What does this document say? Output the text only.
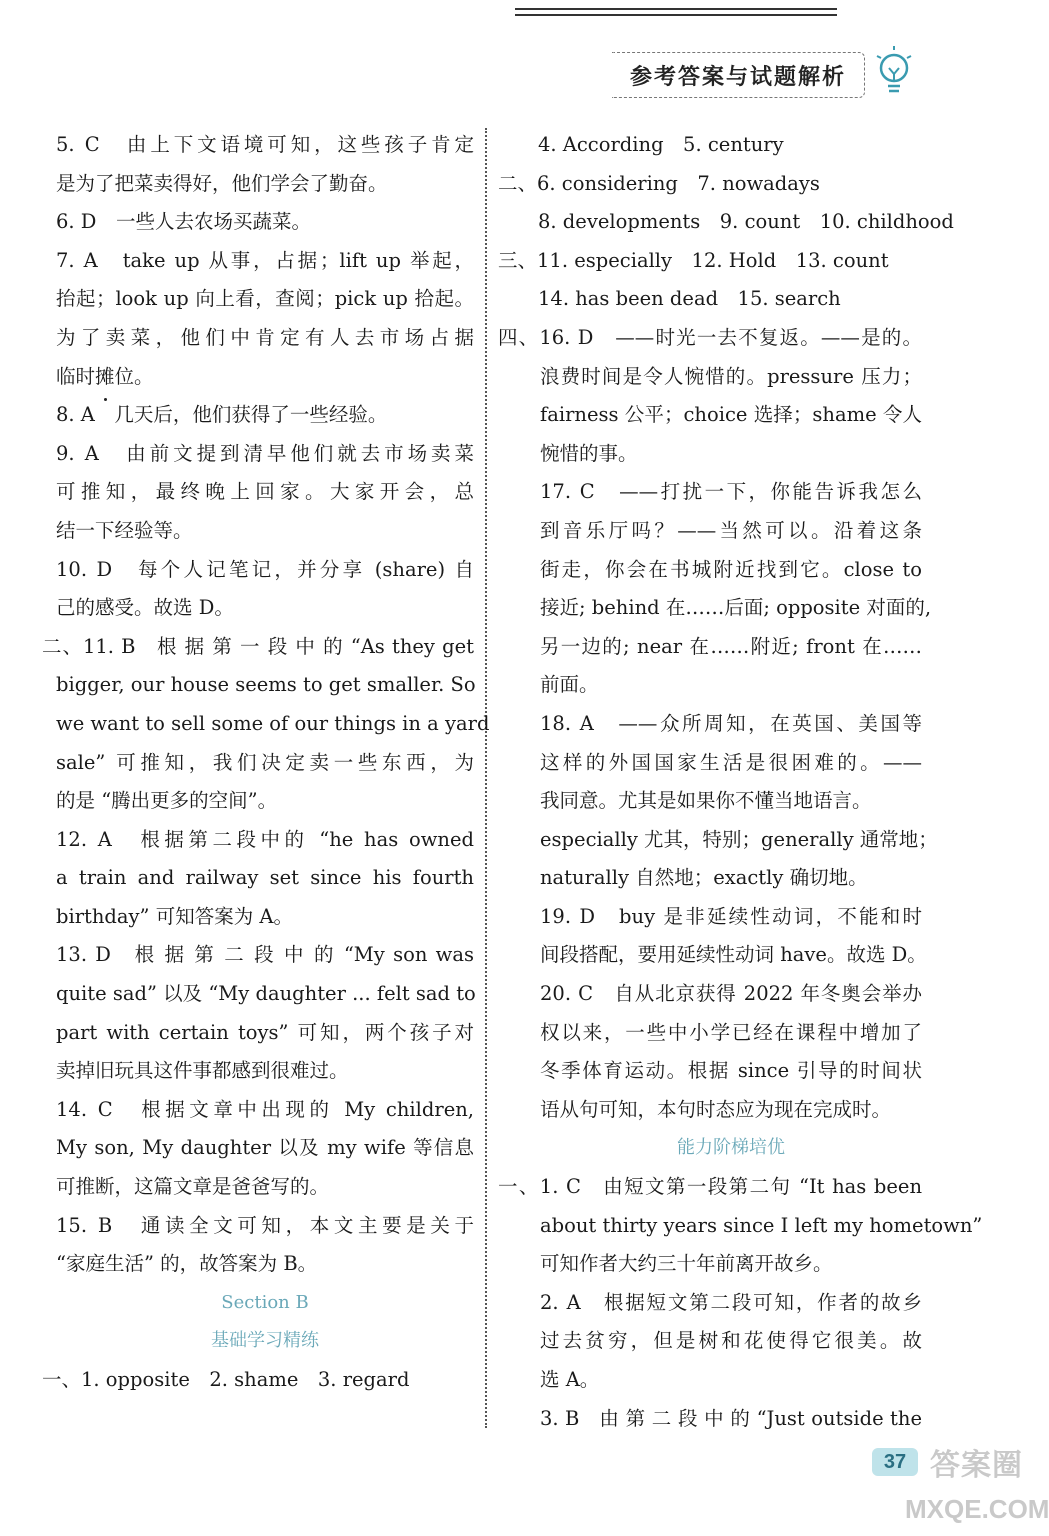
参考答案与试题解析
5. C　由上下文语境可知，这些孩子肯定
是为了把菜卖得好，他们学会了勤奋。
6. D　一些人去农场买蔬菜。
7. A　take up 从事，占据；lift up 举起，
抬起；look up 向上看，查阅；pick up 拾起。
为了卖菜，他们中肯定有人去市场占据
临时摊位。
8. A　几天后，他们获得了一些经验。
9. A　由前文提到清早他们就去市场卖菜
可推知，最终晚上回家。大家开会，总
结一下经验等。
10. D　每个人记笔记，并分享 (share) 自
己的感受。故选 D。
二、11. B　根 据 第 一 段 中 的 “As they get
bigger, our house seems to get smaller. So
we want to sell some of our things in a yard
sale” 可推知，我们决定卖一些东西，为
的是 “腾出更多的空间”。
12. A　根据第二段中的 “he has owned
a train and railway set since his fourth
birthday” 可知答案为 A。
13. D　根 据 第 二 段 中 的 “My son was
quite sad” 以及 “My daughter ... felt sad to
part with certain toys” 可知，两个孩子对
卖掉旧玩具这件事都感到很难过。
14. C　根据文章中出现的 My children,
My son, My daughter 以及 my wife 等信息
可推断，这篇文章是爸爸写的。
15. B　通读全文可知，本文主要是关于
“家庭生活” 的，故答案为 B。
Section B
基础学习精练
一、1. opposite　2. shame　3. regard
4. According　5. century
二、6. considering　7. nowadays
8. developments　9. count　10. childhood
三、11. especially　12. Hold　13. count
14. has been dead　15. search
四、16. D　——时光一去不复返。——是的。
浪费时间是令人惋惜的。pressure 压力；
fairness 公平；choice 选择；shame 令人
惋惜的事。
17. C　——打扰一下，你能告诉我怎么
到音乐厅吗？——当然可以。沿着这条
街走，你会在书城附近找到它。close to
接近; behind 在……后面; opposite 对面的,
另一边的; near 在……附近; front 在……
前面。
18. A　——众所周知，在英国、美国等
这样的外国国家生活是很困难的。——
我同意。尤其是如果你不懂当地语言。
especially 尤其，特别；generally 通常地；
naturally 自然地；exactly 确切地。
19. D　buy 是非延续性动词，不能和时
间段搭配，要用延续性动词 have。故选 D。
20. C　自从北京获得 2022 年冬奥会举办
权以来，一些中小学已经在课程中增加了
冬季体育运动。根据 since 引导的时间状
语从句可知，本句时态应为现在完成时。
能力阶梯培优
一、1. C　由短文第一段第二句 “It has been
about thirty years since I left my hometown”
可知作者大约三十年前离开故乡。
2. A　根据短文第二段可知，作者的故乡
过去贫穷，但是树和花使得它很美。故
选 A。
3. B　由 第 二 段 中 的 “Just outside the
37 答案圈
MXQE.COM
